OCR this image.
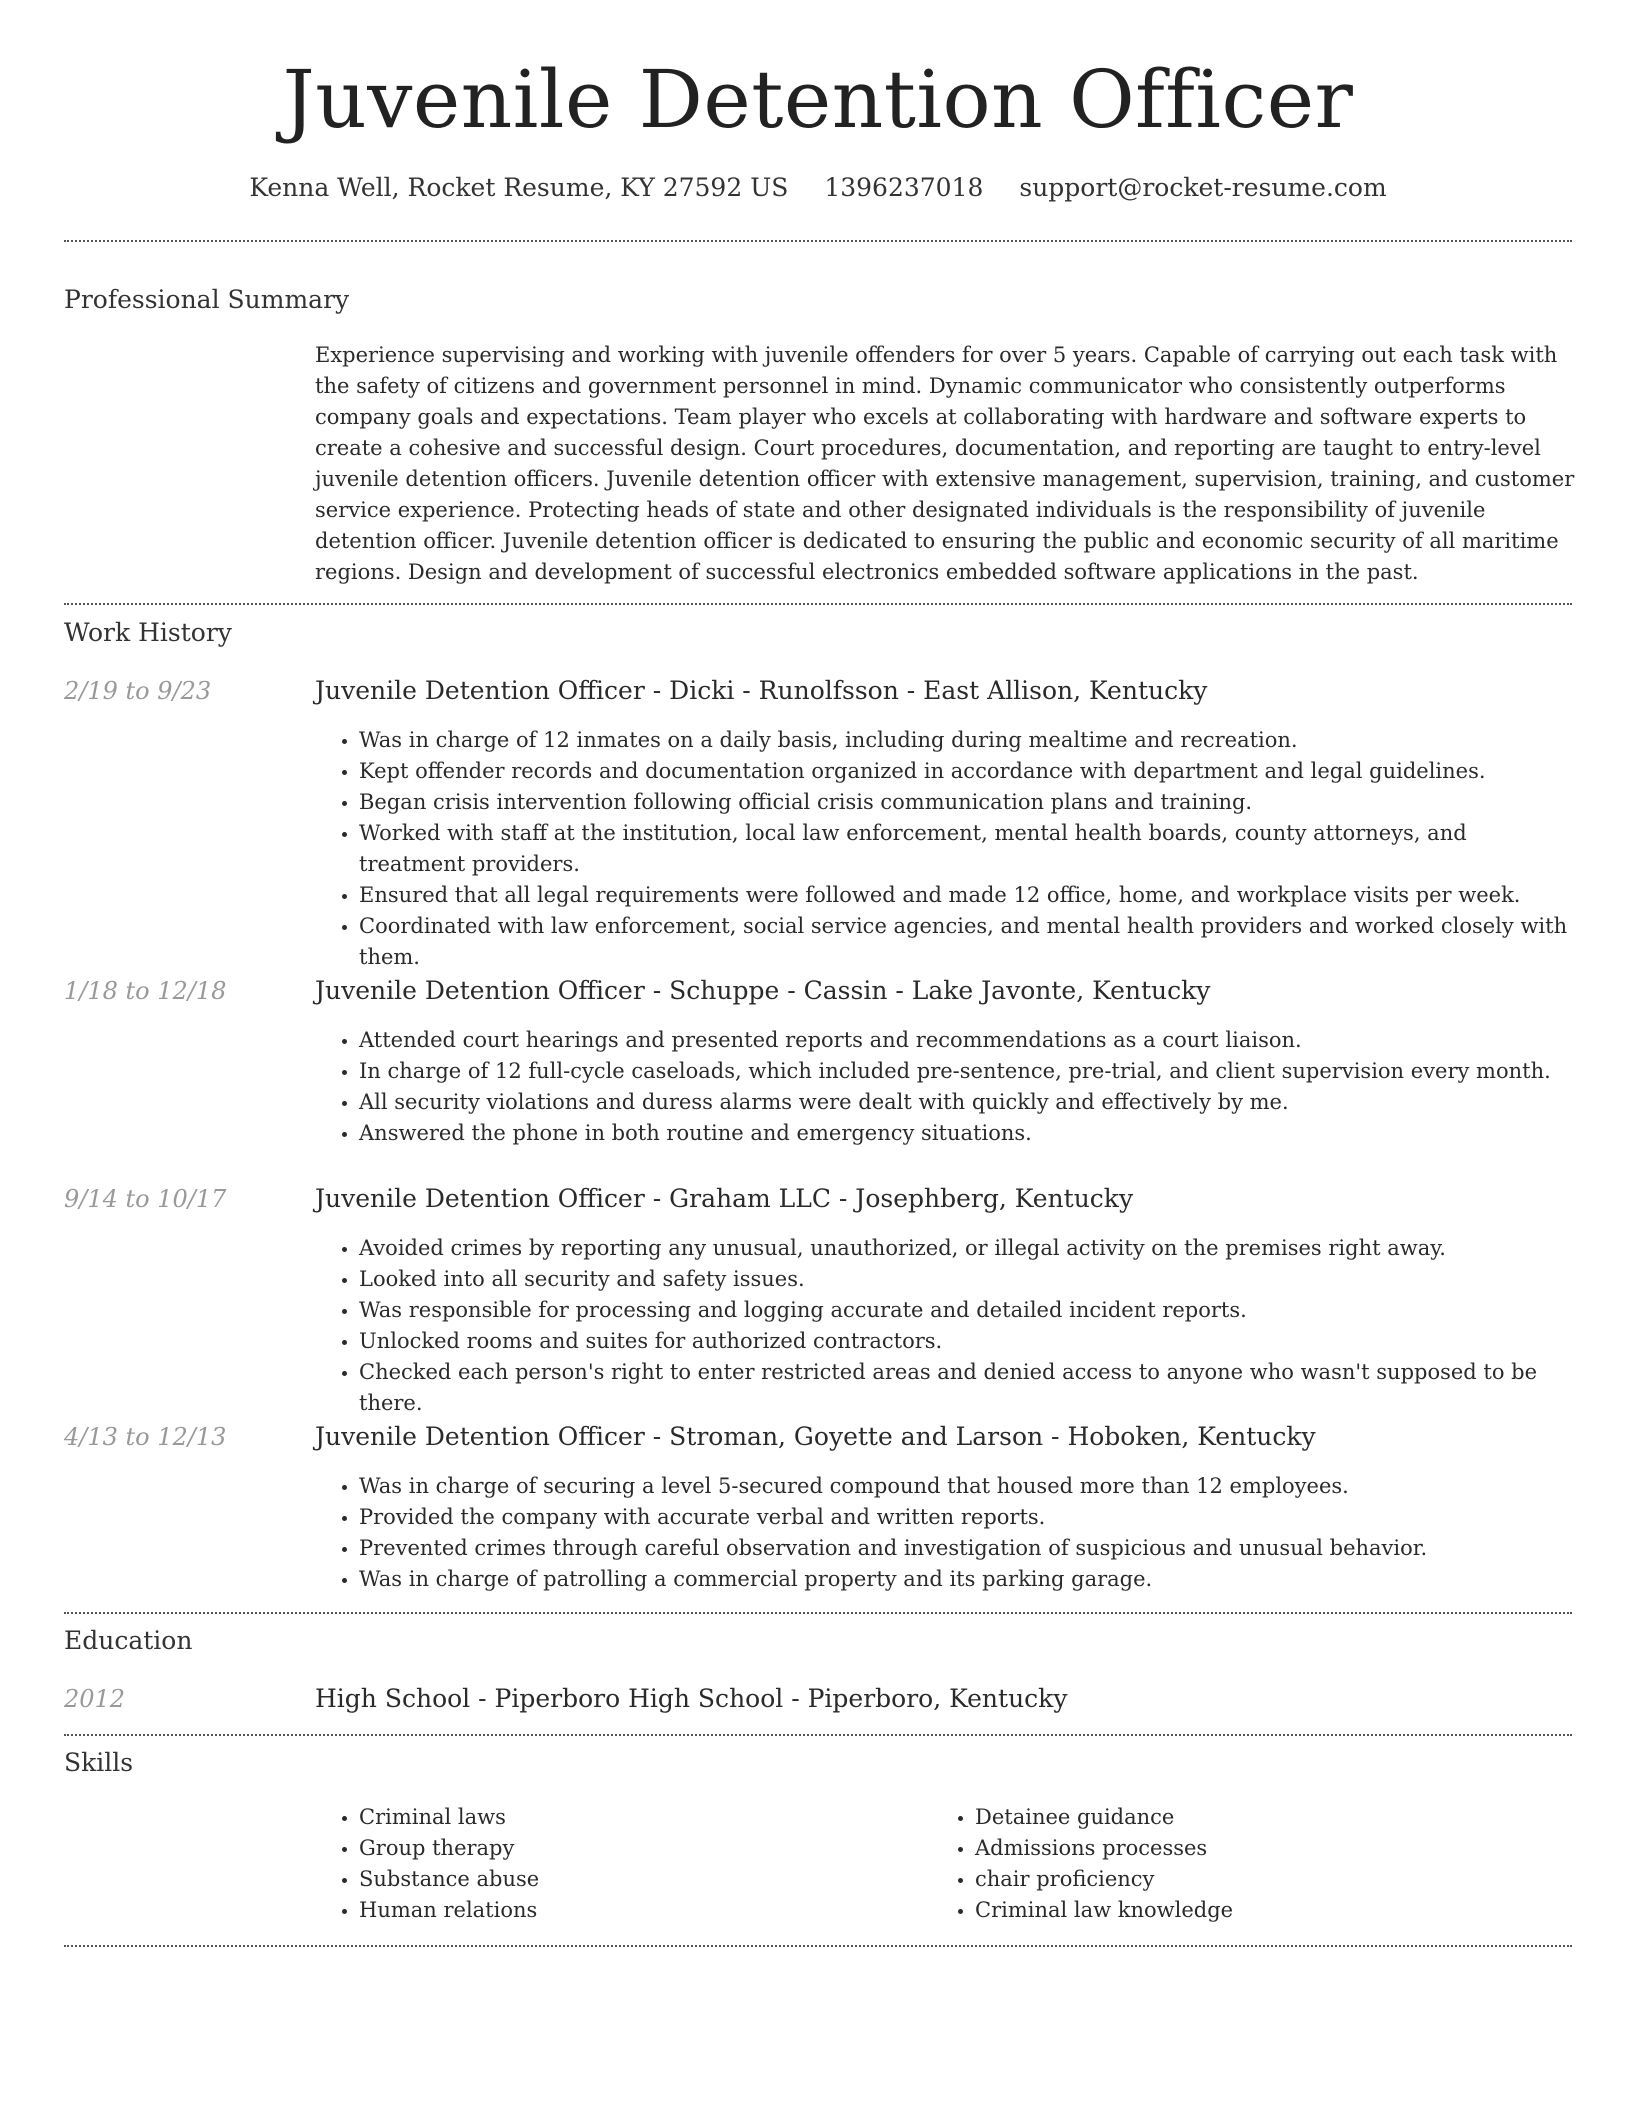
Juvenile Detention Officer
Kenna Well, Rocket Resume, KY 27592 US 1396237018 support@rocket-resume.com
Professional Summary

Experience supervising and working with juvenile offenders for over 5 years. Capable of carrying out each task with the safety of citizens and government personnel in mind. Dynamic communicator who consistently outperforms company goals and expectations. Team player who excels at collaborating with hardware and software experts to create a cohesive and successful design. Court procedures, documentation, and reporting are taught to entry-level juvenile detention officers. Juvenile detention officer with extensive management, supervision, training, and customer service experience. Protecting heads of state and other designated individuals is the responsibility of juvenile detention officer. Juvenile detention officer is dedicated to ensuring the public and economic security of all maritime regions. Design and development of successful electronics embedded software applications in the past.

Work History
2/19 to 9/23	Juvenile Detention Officer - Dicki - Runolfsson - East Allison, Kentucky
• Was in charge of 12 inmates on a daily basis, including during mealtime and recreation.
• Kept offender records and documentation organized in accordance with department and legal guidelines.
• Began crisis intervention following official crisis communication plans and training.
• Worked with staff at the institution, local law enforcement, mental health boards, county attorneys, and treatment providers.
• Ensured that all legal requirements were followed and made 12 office, home, and workplace visits per week.
• Coordinated with law enforcement, social service agencies, and mental health providers and worked closely with them.
1/18 to 12/18	Juvenile Detention Officer - Schuppe - Cassin - Lake Javonte, Kentucky
• Attended court hearings and presented reports and recommendations as a court liaison.
• In charge of 12 full-cycle caseloads, which included pre-sentence, pre-trial, and client supervision every month.
• All security violations and duress alarms were dealt with quickly and effectively by me.
• Answered the phone in both routine and emergency situations.
9/14 to 10/17	Juvenile Detention Officer - Graham LLC - Josephberg, Kentucky
• Avoided crimes by reporting any unusual, unauthorized, or illegal activity on the premises right away.
• Looked into all security and safety issues.
• Was responsible for processing and logging accurate and detailed incident reports.
• Unlocked rooms and suites for authorized contractors.
• Checked each person's right to enter restricted areas and denied access to anyone who wasn't supposed to be there.
4/13 to 12/13	Juvenile Detention Officer - Stroman, Goyette and Larson - Hoboken, Kentucky
• Was in charge of securing a level 5-secured compound that housed more than 12 employees.
• Provided the company with accurate verbal and written reports.
• Prevented crimes through careful observation and investigation of suspicious and unusual behavior.
• Was in charge of patrolling a commercial property and its parking garage.
Education
2012	High School - Piperboro High School - Piperboro, Kentucky
Skills
• Criminal laws
• Group therapy
• Substance abuse
• Human relations
• Detainee guidance
• Admissions processes
• chair proficiency
• Criminal law knowledge
